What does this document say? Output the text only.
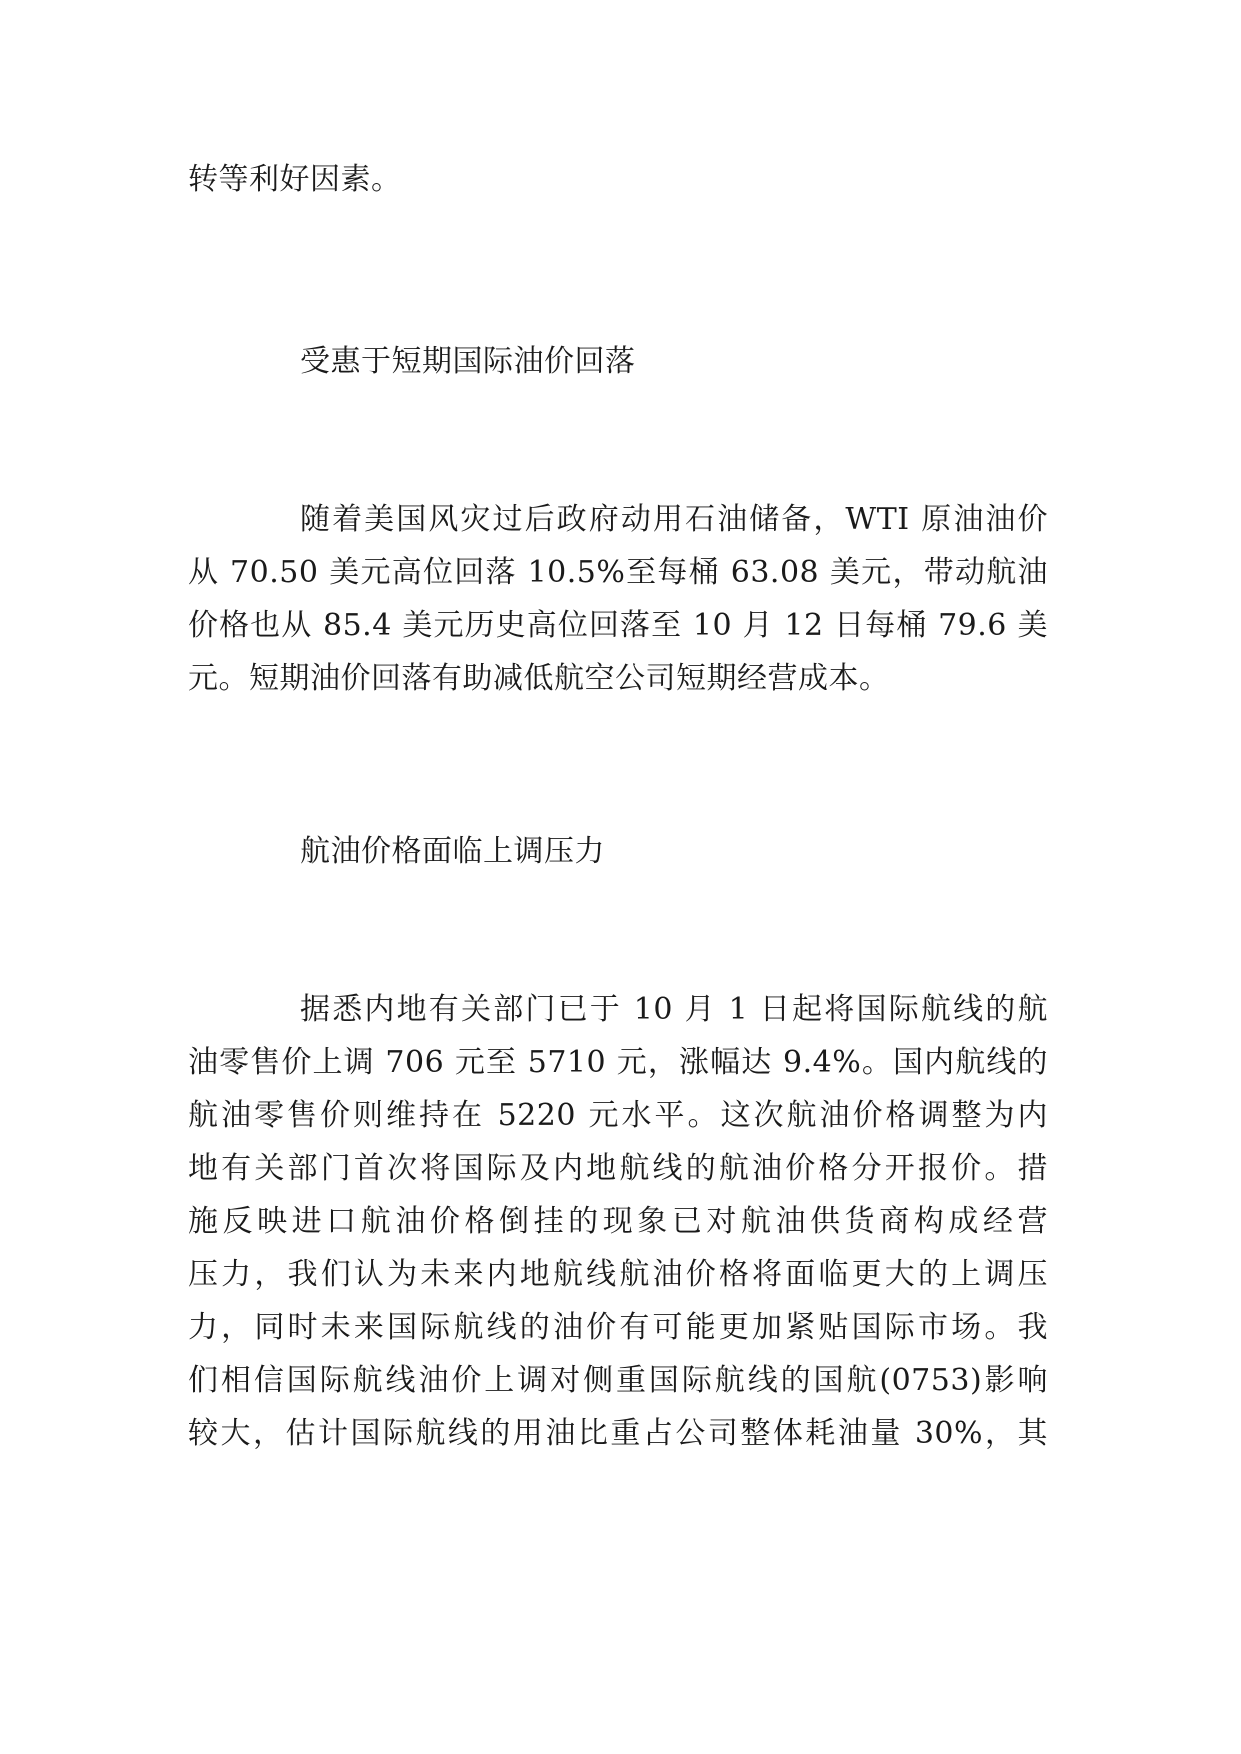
转等利好因素。
受惠于短期国际油价回落
随着美国风灾过后政府动用石油储备，WTI 原油油价
从 70.50 美元高位回落 10.5%至每桶 63.08 美元，带动航油
价格也从 85.4 美元历史高位回落至 10 月 12 日每桶 79.6 美
元。短期油价回落有助减低航空公司短期经营成本。
航油价格面临上调压力
据悉内地有关部门已于 10 月 1 日起将国际航线的航
油零售价上调 706 元至 5710 元，涨幅达 9.4%。国内航线的
航油零售价则维持在 5220 元水平。这次航油价格调整为内
地有关部门首次将国际及内地航线的航油价格分开报价。措
施反映进口航油价格倒挂的现象已对航油供货商构成经营
压力，我们认为未来内地航线航油价格将面临更大的上调压
力，同时未来国际航线的油价有可能更加紧贴国际市场。我
们相信国际航线油价上调对侧重国际航线的国航(0753)影响
较大，估计国际航线的用油比重占公司整体耗油量 30%，其
